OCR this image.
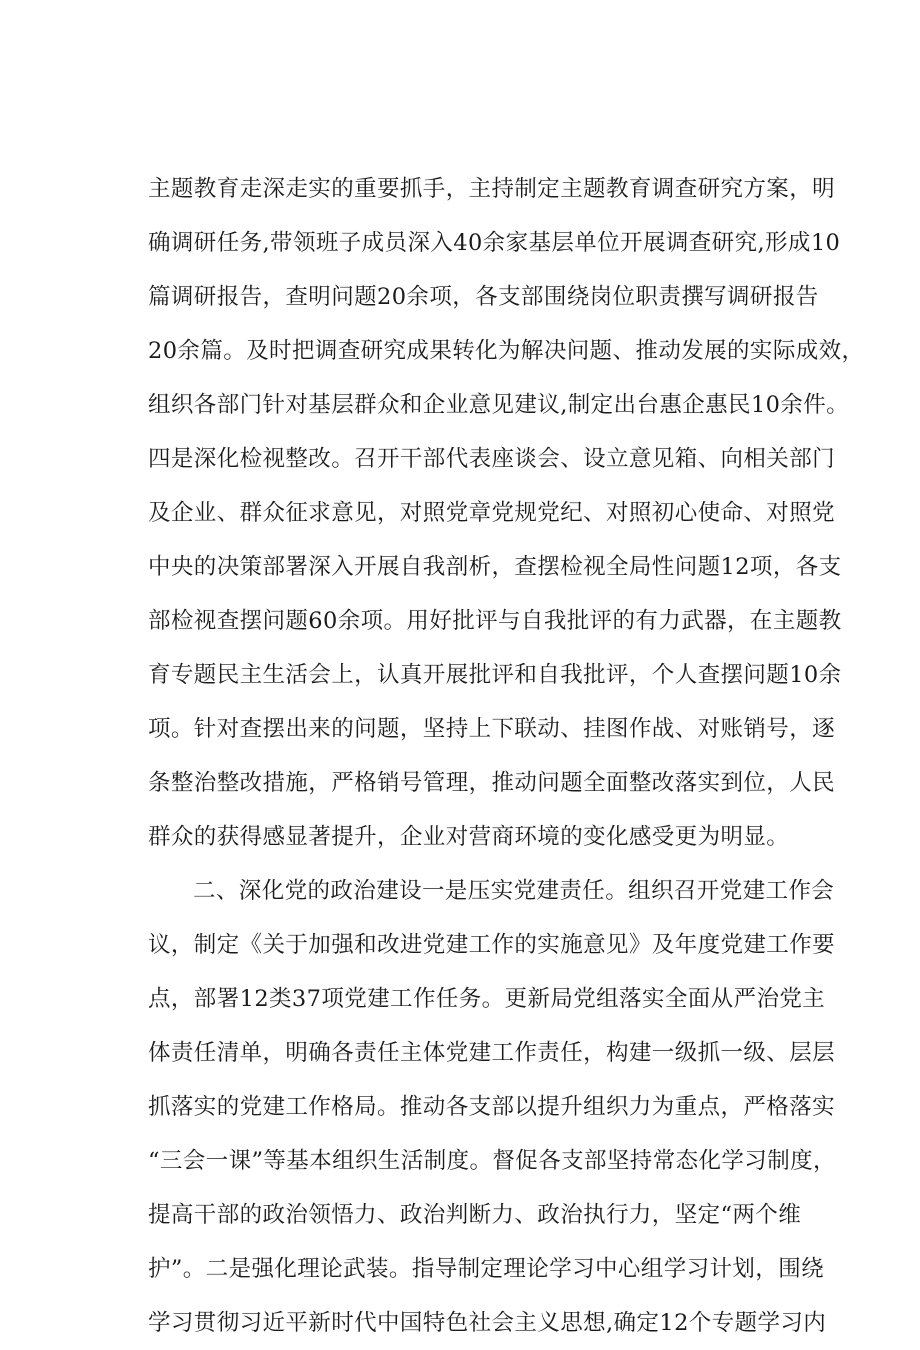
主题教育走深走实的重要抓手，主持制定主题教育调查研究方案，明
确调研任务,带领班子成员深入40余家基层单位开展调查研究,形成10
篇调研报告，查明问题20余项，各支部围绕岗位职责撰写调研报告
20余篇。及时把调查研究成果转化为解决问题、推动发展的实际成效，
组织各部门针对基层群众和企业意见建议,制定出台惠企惠民10余件。
四是深化检视整改。召开干部代表座谈会、设立意见箱、向相关部门
及企业、群众征求意见，对照党章党规党纪、对照初心使命、对照党
中央的决策部署深入开展自我剖析，查摆检视全局性问题12项，各支
部检视查摆问题60余项。用好批评与自我批评的有力武器，在主题教
育专题民主生活会上，认真开展批评和自我批评，个人查摆问题10余
项。针对查摆出来的问题，坚持上下联动、挂图作战、对账销号，逐
条整治整改措施，严格销号管理，推动问题全面整改落实到位，人民
群众的获得感显著提升，企业对营商环境的变化感受更为明显。
二、深化党的政治建设一是压实党建责任。组织召开党建工作会
议，制定《关于加强和改进党建工作的实施意见》及年度党建工作要
点，部署12类37项党建工作任务。更新局党组落实全面从严治党主
体责任清单，明确各责任主体党建工作责任，构建一级抓一级、层层
抓落实的党建工作格局。推动各支部以提升组织力为重点，严格落实
“三会一课”等基本组织生活制度。督促各支部坚持常态化学习制度，
提高干部的政治领悟力、政治判断力、政治执行力，坚定“两个维
护”。二是强化理论武装。指导制定理论学习中心组学习计划，围绕
学习贯彻习近平新时代中国特色社会主义思想,确定12个专题学习内
